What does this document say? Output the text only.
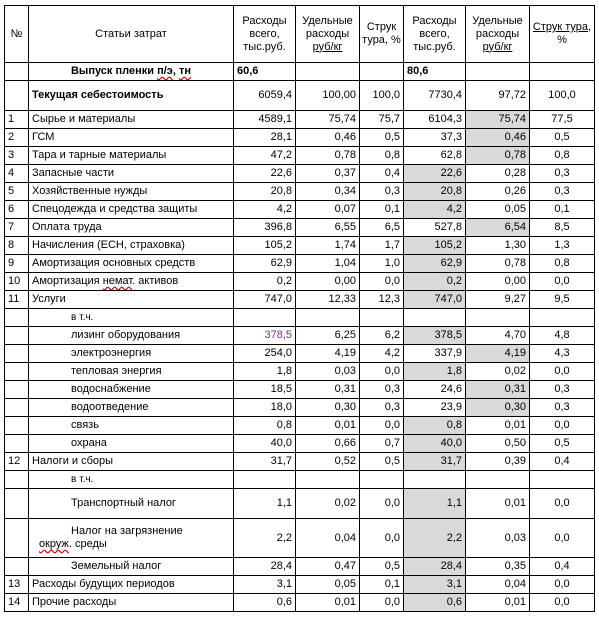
№	Статьи затрат	Расходы всего, тыс.руб.	Удельные расходы руб/кг	Струк тура, %	Расходы всего, тыс.руб.	Удельные расходы руб/кг	Струк тура, %
	Выпуск пленки п/э, тн	60,6			80,6		
	Текущая себестоимость	6059,4	100,00	100,0	7730,4	97,72	100,0
1	Сырье и материалы	4589,1	75,74	75,7	6104,3	75,74	77,5
2	ГСМ	28,1	0,46	0,5	37,3	0,46	0,5
3	Тара и тарные материалы	47,2	0,78	0,8	62,8	0,78	0,8
4	Запасные части	22,6	0,37	0,4	22,6	0,28	0,3
5	Хозяйственные нужды	20,8	0,34	0,3	20,8	0,26	0,3
6	Спецодежда и средства защиты	4,2	0,07	0,1	4,2	0,05	0,1
7	Оплата труда	396,8	6,55	6,5	527,8	6,54	8,5
8	Начисления (ЕСН, страховка)	105,2	1,74	1,7	105,2	1,30	1,3
9	Амортизация основных средств	62,9	1,04	1,0	62,9	0,78	0,8
10	Амортизация немат. активов	0,2	0,00	0,0	0,2	0,00	0,0
11	Услуги	747,0	12,33	12,3	747,0	9,27	9,5
	в т.ч.						
	лизинг оборудования	378,5	6,25	6,2	378,5	4,70	4,8
	электроэнергия	254,0	4,19	4,2	337,9	4,19	4,3
	тепловая энергия	1,8	0,03	0,0	1,8	0,02	0,0
	водоснабжение	18,5	0,31	0,3	24,6	0,31	0,3
	водоотведение	18,0	0,30	0,3	23,9	0,30	0,3
	связь	0,8	0,01	0,0	0,8	0,01	0,0
	охрана	40,0	0,66	0,7	40,0	0,50	0,5
12	Налоги и сборы	31,7	0,52	0,5	31,7	0,39	0,4
	в т.ч.						
	Транспортный налог	1,1	0,02	0,0	1,1	0,01	0,0
	Налог на загрязнение
окруж. среды	2,2	0,04	0,0	2,2	0,03	0,0
	Земельный налог	28,4	0,47	0,5	28,4	0,35	0,4
13	Расходы будущих периодов	3,1	0,05	0,1	3,1	0,04	0,0
14	Прочие расходы	0,6	0,01	0,0	0,6	0,01	0,0
